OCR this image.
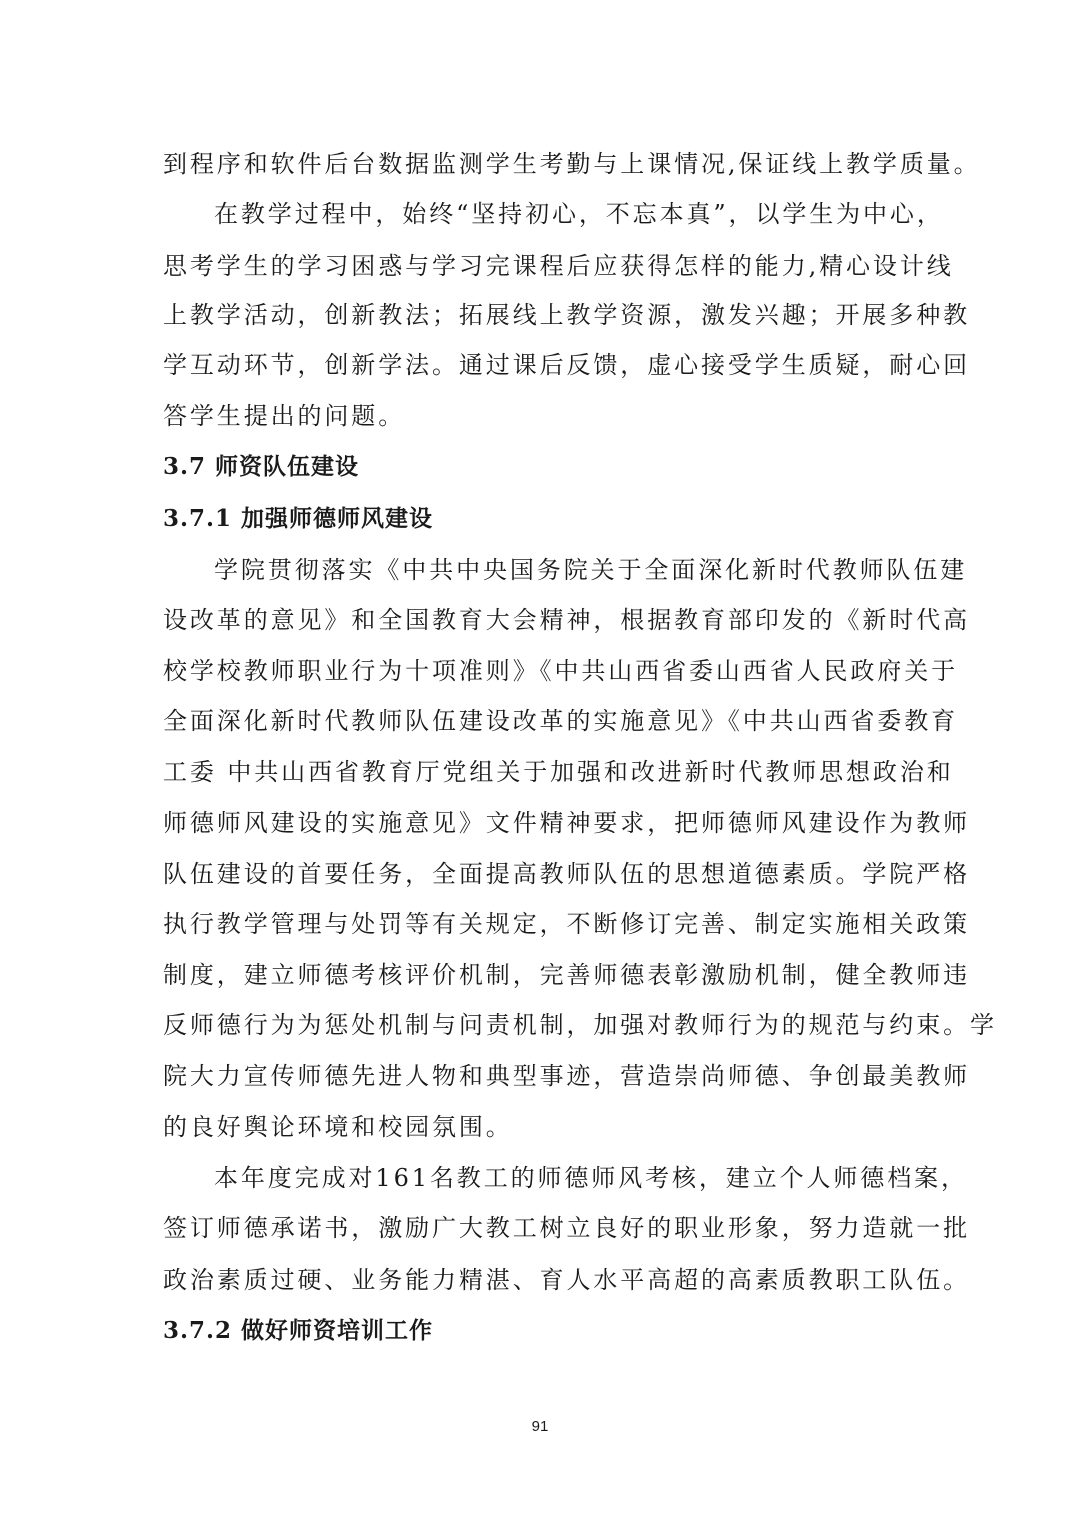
到程序和软件后台数据监测学生考勤与上课情况,保证线上教学质量。
在教学过程中，始终“坚持初心，不忘本真”，以学生为中心，
思考学生的学习困惑与学习完课程后应获得怎样的能力,精心设计线
上教学活动，创新教法；拓展线上教学资源，激发兴趣；开展多种教
学互动环节，创新学法。通过课后反馈，虚心接受学生质疑，耐心回
答学生提出的问题。
3.7 师资队伍建设
3.7.1 加强师德师风建设
学院贯彻落实《中共中央国务院关于全面深化新时代教师队伍建
设改革的意见》和全国教育大会精神，根据教育部印发的《新时代高
校学校教师职业行为十项准则》《中共山西省委山西省人民政府关于
全面深化新时代教师队伍建设改革的实施意见》《中共山西省委教育
工委 中共山西省教育厅党组关于加强和改进新时代教师思想政治和
师德师风建设的实施意见》文件精神要求，把师德师风建设作为教师
队伍建设的首要任务，全面提高教师队伍的思想道德素质。学院严格
执行教学管理与处罚等有关规定，不断修订完善、制定实施相关政策
制度，建立师德考核评价机制，完善师德表彰激励机制，健全教师违
反师德行为为惩处机制与问责机制，加强对教师行为的规范与约束。学
院大力宣传师德先进人物和典型事迹，营造崇尚师德、争创最美教师
的良好舆论环境和校园氛围。
本年度完成对161名教工的师德师风考核，建立个人师德档案，
签订师德承诺书，激励广大教工树立良好的职业形象，努力造就一批
政治素质过硬、业务能力精湛、育人水平高超的高素质教职工队伍。
3.7.2 做好师资培训工作
91
